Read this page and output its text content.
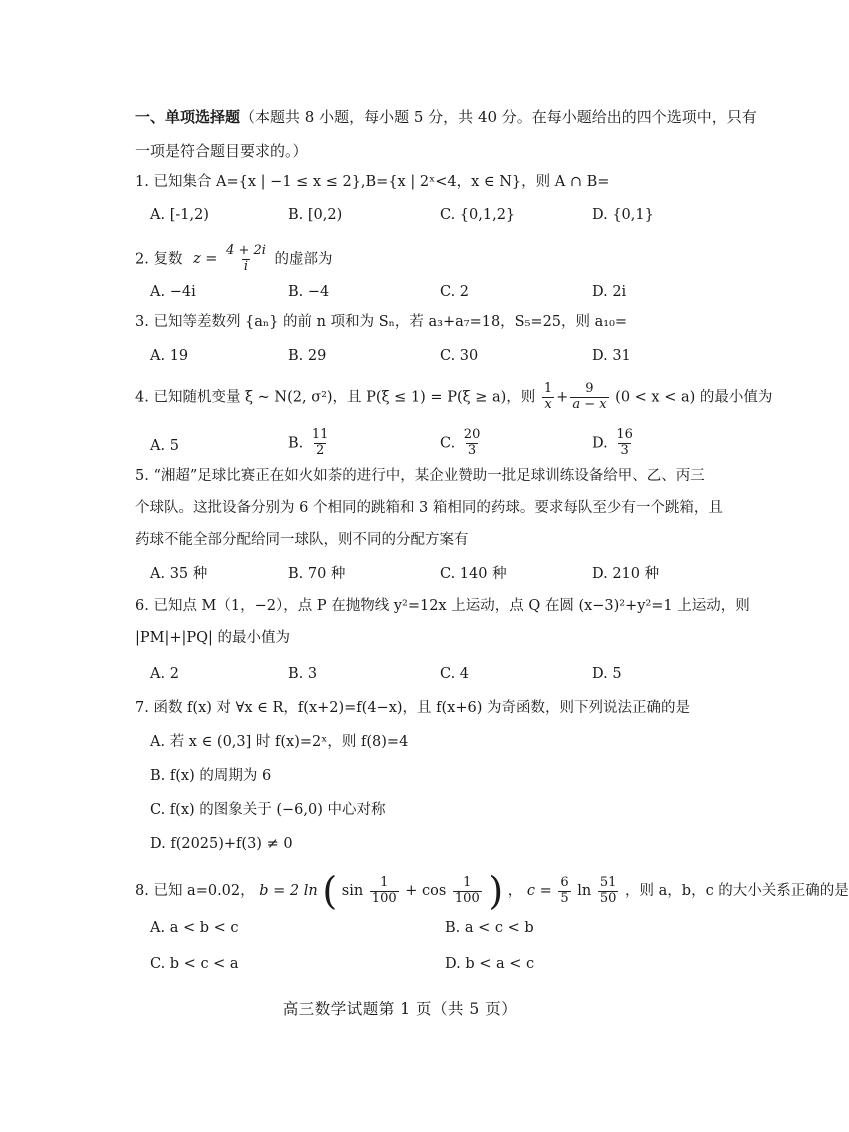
一、单项选择题（本题共 8 小题，每小题 5 分，共 40 分。在每小题给出的四个选项中，只有
一项是符合题目要求的。）
1. 已知集合 A={x | −1 ≤ x ≤ 2},B={x | 2ˣ<4，x ∈ N}，则 A ∩ B=
A. [-1,2)	B. [0,2)	C. {0,1,2}	D. {0,1}
2. 复数 $z = \frac{4 + 2i}{i}$ 的虚部为
A. −4i	B. −4	C. 2	D. 2i
3. 已知等差数列 {aₙ} 的前 n 项和为 Sₙ，若 a₃+a₇=18，S₅=25，则 a₁₀=
A. 19	B. 29	C. 30	D. 31
4. 已知随机变量 ξ ~ N(2, σ²)，且 P(ξ ≤ 1) = P(ξ ≥ a)，则 $\frac{1}{x} + \frac{9}{a - x} (0 < x < a)$ 的最小值为
A. 5	B. $\frac{11}{2}$	C. $\frac{20}{3}$	D. $\frac{16}{3}$
5. “湘超”足球比赛正在如火如荼的进行中，某企业赞助一批足球训练设备给甲、乙、丙三
个球队。这批设备分别为 6 个相同的跳箱和 3 箱相同的药球。要求每队至少有一个跳箱，且
药球不能全部分配给同一球队，则不同的分配方案有
A. 35 种	B. 70 种	C. 140 种	D. 210 种
6. 已知点 M（1，−2），点 P 在抛物线 y²=12x 上运动，点 Q 在圆 (x−3)²+y²=1 上运动，则
|PM|+|PQ| 的最小值为
A. 2	B. 3	C. 4	D. 5
7. 函数 f(x) 对 ∀x ∈ R，f(x+2)=f(4−x)，且 f(x+6) 为奇函数，则下列说法正确的是
A. 若 x ∈ (0,3] 时 f(x)=2ˣ，则 f(8)=4
B. f(x) 的周期为 6
C. f(x) 的图象关于 (−6,0) 中心对称
D. f(2025)+f(3) ≠ 0
8. 已知 a=0.02， b = 2 ln ( $\sin \frac{1}{100} + \cos \frac{1}{100}$ ) ， $c = \frac{6}{5}$ $\ln \frac{51}{50}$ ，则 a，b，c 的大小关系正确的是
A. a < b < c	B. a < c < b
C. b < c < a	D. b < a < c
高三数学试题第 1 页（共 5 页）
